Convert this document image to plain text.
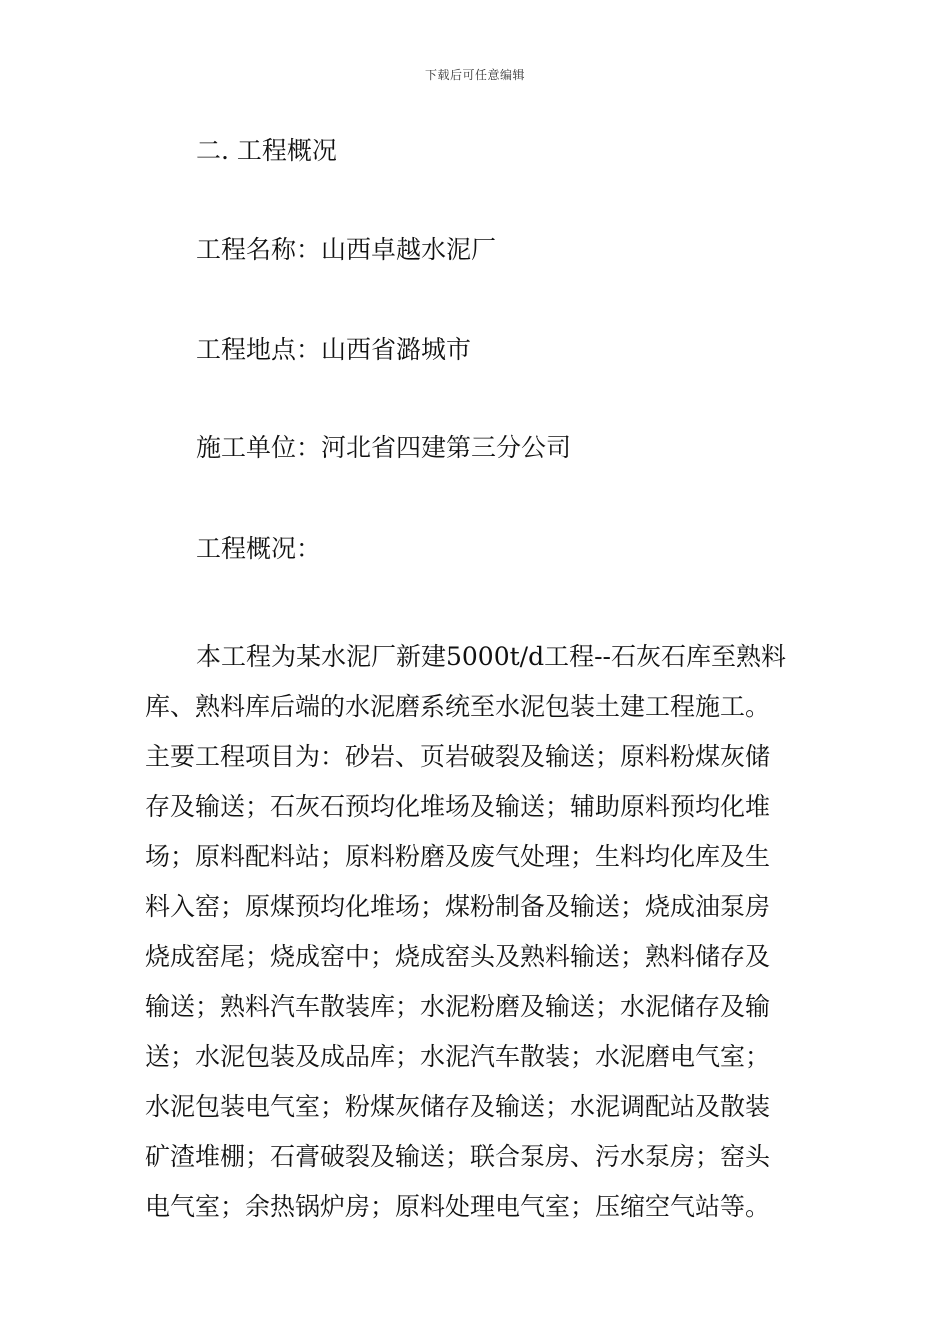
下载后可任意编辑
二. 工程概况
工程名称：山西卓越水泥厂
工程地点：山西省潞城市
施工单位：河北省四建第三分公司
工程概况：
本工程为某水泥厂新建5000t/d工程--石灰石库至熟料
库、熟料库后端的水泥磨系统至水泥包装土建工程施工。
主要工程项目为：砂岩、页岩破裂及输送；原料粉煤灰储
存及输送；石灰石预均化堆场及输送；辅助原料预均化堆
场；原料配料站；原料粉磨及废气处理；生料均化库及生
料入窑；原煤预均化堆场；煤粉制备及输送；烧成油泵房
烧成窑尾；烧成窑中；烧成窑头及熟料输送；熟料储存及
输送；熟料汽车散装库；水泥粉磨及输送；水泥储存及输
送；水泥包装及成品库；水泥汽车散装；水泥磨电气室；
水泥包装电气室；粉煤灰储存及输送；水泥调配站及散装
矿渣堆棚；石膏破裂及输送；联合泵房、污水泵房；窑头
电气室；余热锅炉房；原料处理电气室；压缩空气站等。
